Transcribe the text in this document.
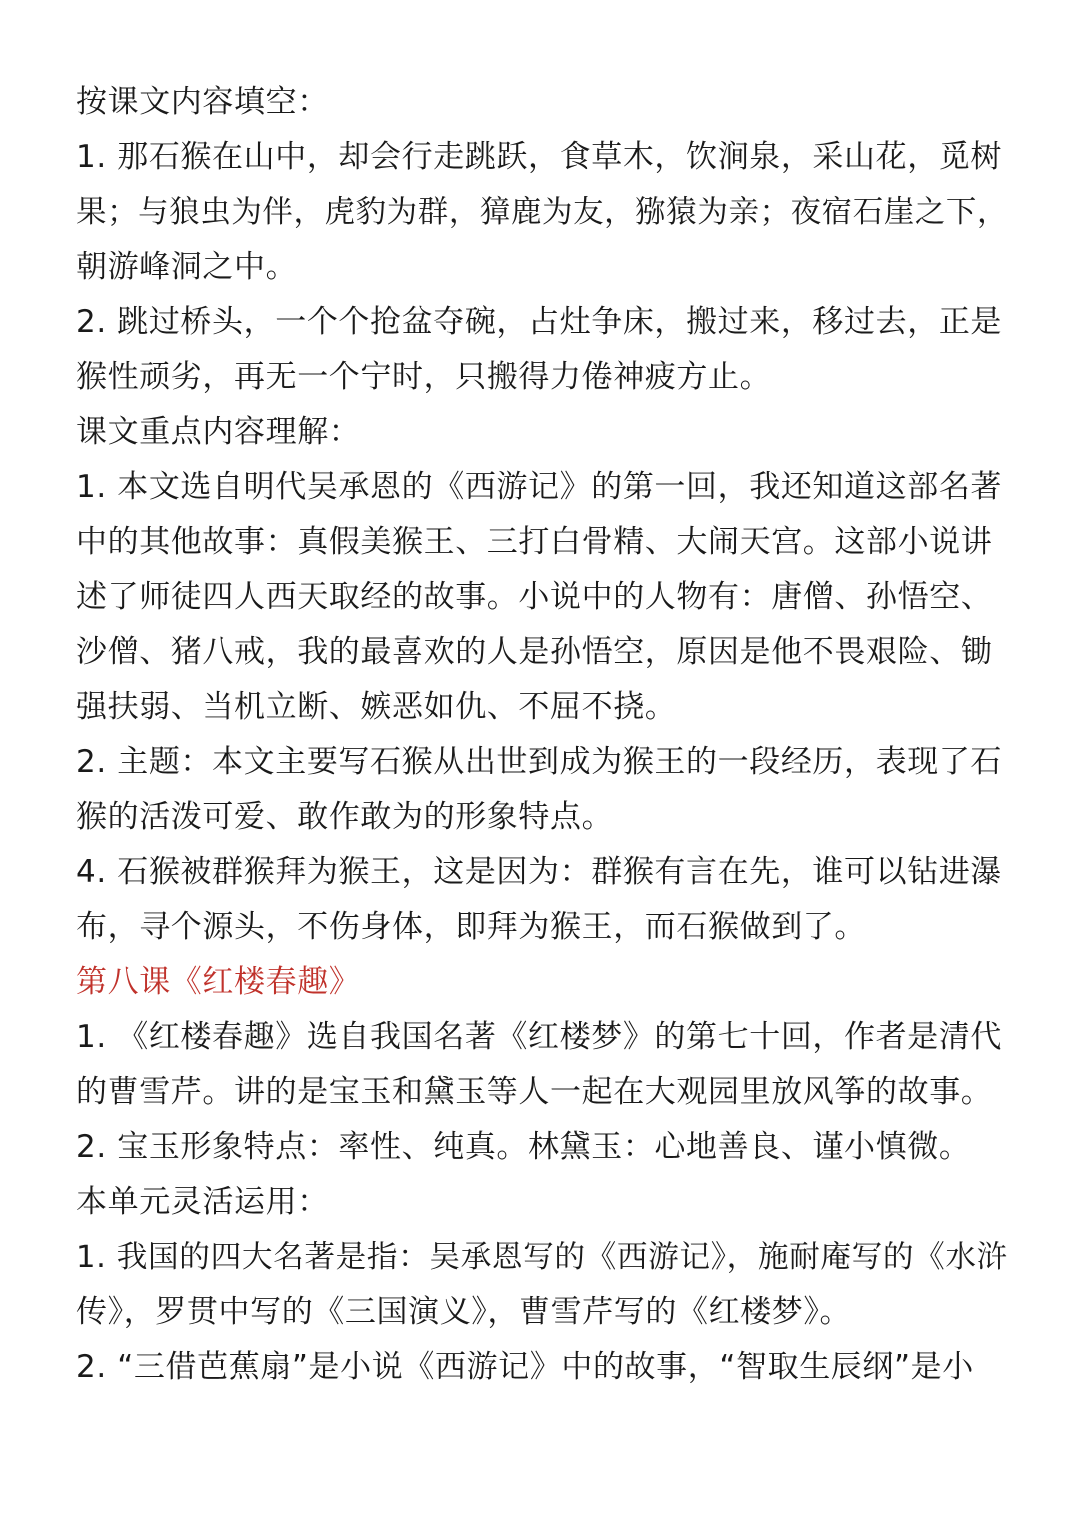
按课文内容填空：
1. 那石猴在山中，却会行走跳跃，食草木，饮涧泉，采山花，觅树
果；与狼虫为伴，虎豹为群，獐鹿为友，猕猿为亲；夜宿石崖之下，
朝游峰洞之中。
2. 跳过桥头，一个个抢盆夺碗，占灶争床，搬过来，移过去，正是
猴性顽劣，再无一个宁时，只搬得力倦神疲方止。
课文重点内容理解：
1. 本文选自明代吴承恩的《西游记》的第一回，我还知道这部名著
中的其他故事：真假美猴王、三打白骨精、大闹天宫。这部小说讲
述了师徒四人西天取经的故事。小说中的人物有：唐僧、孙悟空、
沙僧、猪八戒，我的最喜欢的人是孙悟空，原因是他不畏艰险、锄
强扶弱、当机立断、嫉恶如仇、不屈不挠。
2. 主题：本文主要写石猴从出世到成为猴王的一段经历，表现了石
猴的活泼可爱、敢作敢为的形象特点。
4. 石猴被群猴拜为猴王，这是因为：群猴有言在先，谁可以钻进瀑
布，寻个源头，不伤身体，即拜为猴王，而石猴做到了。
第八课《红楼春趣》
1. 《红楼春趣》选自我国名著《红楼梦》的第七十回，作者是清代
的曹雪芹。讲的是宝玉和黛玉等人一起在大观园里放风筝的故事。
2. 宝玉形象特点：率性、纯真。林黛玉：心地善良、谨小慎微。
本单元灵活运用：
1. 我国的四大名著是指：吴承恩写的《西游记》，施耐庵写的《水浒
传》，罗贯中写的《三国演义》，曹雪芹写的《红楼梦》。
2. “三借芭蕉扇”是小说《西游记》中的故事，“智取生辰纲”是小
